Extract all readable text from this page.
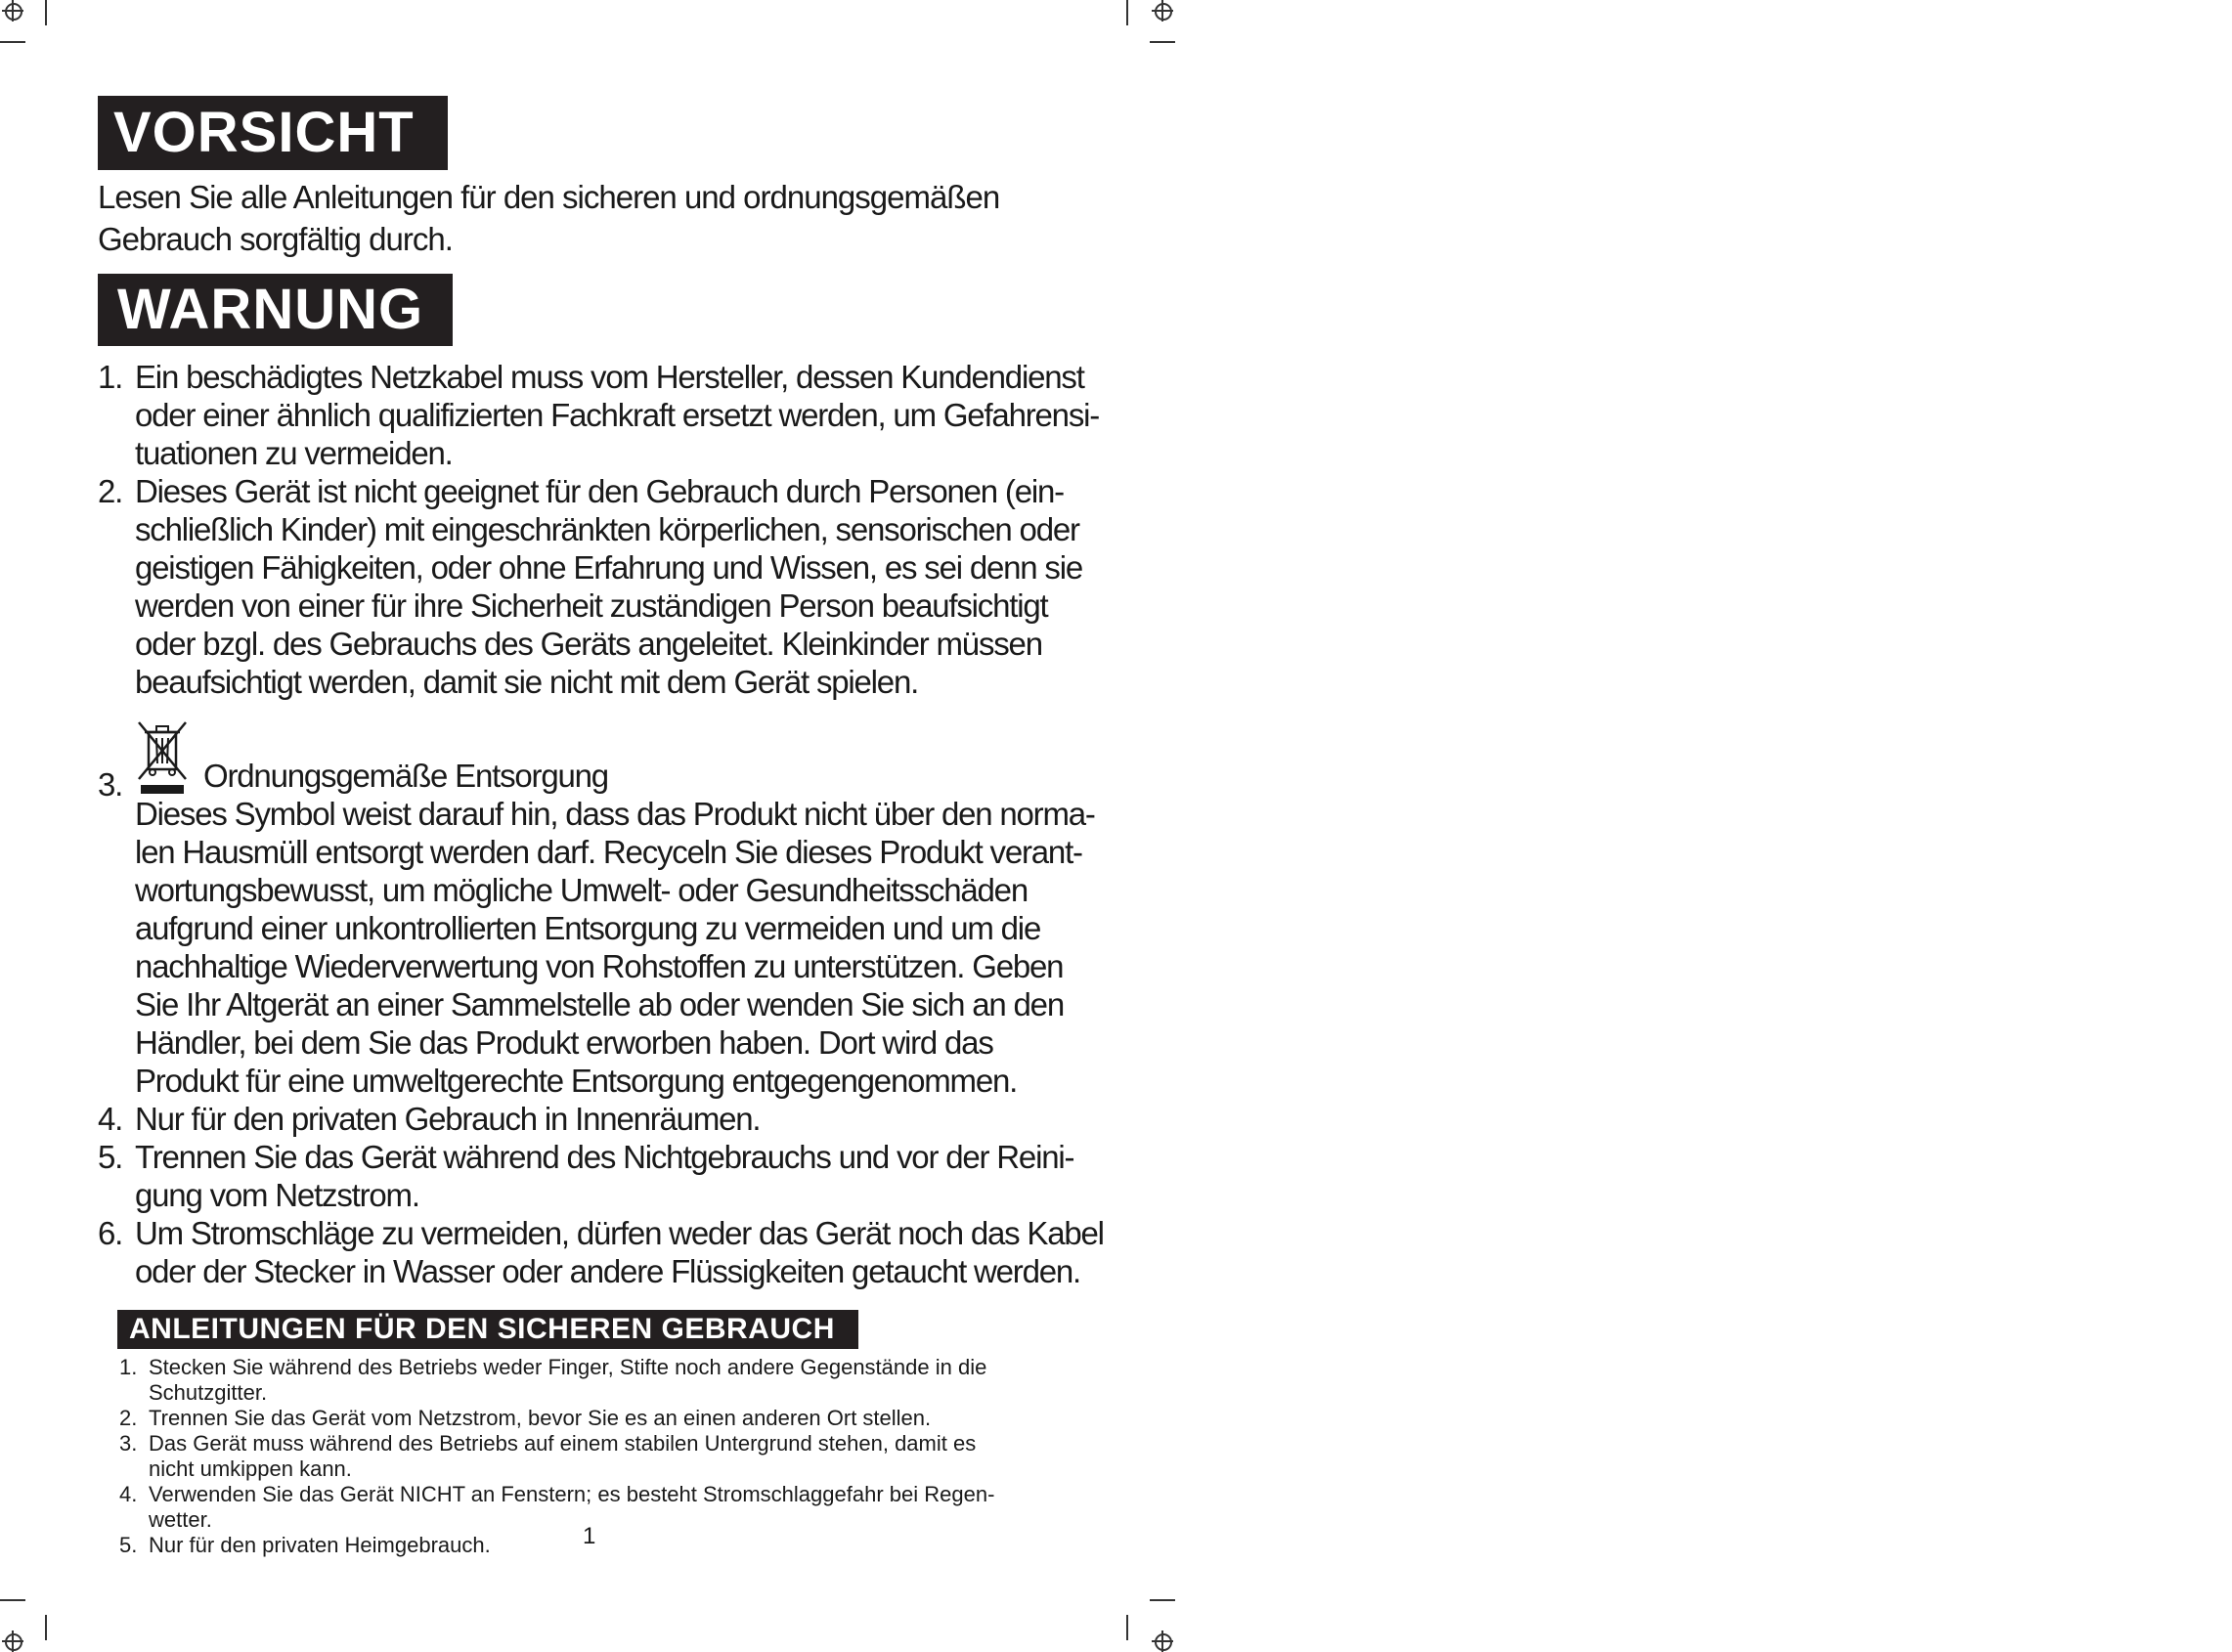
VORSICHT
Lesen Sie alle Anleitungen für den sicheren und ordnungsgemäßen
Gebrauch sorgfältig durch.
WARNUNG
1. Ein beschädigtes Netzkabel muss vom Hersteller, dessen Kundendienst
oder einer ähnlich qualifizierten Fachkraft ersetzt werden, um Gefahrensi-
tuationen zu vermeiden.
2. Dieses Gerät ist nicht geeignet für den Gebrauch durch Personen (ein-
schließlich Kinder) mit eingeschränkten körperlichen, sensorischen oder
geistigen Fähigkeiten, oder ohne Erfahrung und Wissen, es sei denn sie
werden von einer für ihre Sicherheit zuständigen Person beaufsichtigt
oder bzgl. des Gebrauchs des Geräts angeleitet. Kleinkinder müssen
beaufsichtigt werden, damit sie nicht mit dem Gerät spielen.
3.	Ordnungsgemäße Entsorgung
Dieses Symbol weist darauf hin, dass das Produkt nicht über den norma-
len Hausmüll entsorgt werden darf. Recyceln Sie dieses Produkt verant-
wortungsbewusst, um mögliche Umwelt- oder Gesundheitsschäden
aufgrund einer unkontrollierten Entsorgung zu vermeiden und um die
nachhaltige Wiederverwertung von Rohstoffen zu unterstützen. Geben
Sie Ihr Altgerät an einer Sammelstelle ab oder wenden Sie sich an den
Händler, bei dem Sie das Produkt erworben haben. Dort wird das
Produkt für eine umweltgerechte Entsorgung entgegengenommen.
4. Nur für den privaten Gebrauch in Innenräumen.
5. Trennen Sie das Gerät während des Nichtgebrauchs und vor der Reini-
gung vom Netzstrom.
6. Um Stromschläge zu vermeiden, dürfen weder das Gerät noch das Kabel
oder der Stecker in Wasser oder andere Flüssigkeiten getaucht werden.
ANLEITUNGEN FÜR DEN SICHEREN GEBRAUCH
1. Stecken Sie während des Betriebs weder Finger, Stifte noch andere Gegenstände in die
Schutzgitter.
2. Trennen Sie das Gerät vom Netzstrom, bevor Sie es an einen anderen Ort stellen.
3. Das Gerät muss während des Betriebs auf einem stabilen Untergrund stehen, damit es
nicht umkippen kann.
4. Verwenden Sie das Gerät NICHT an Fenstern; es besteht Stromschlaggefahr bei Regen-
wetter.
5. Nur für den privaten Heimgebrauch.	1
